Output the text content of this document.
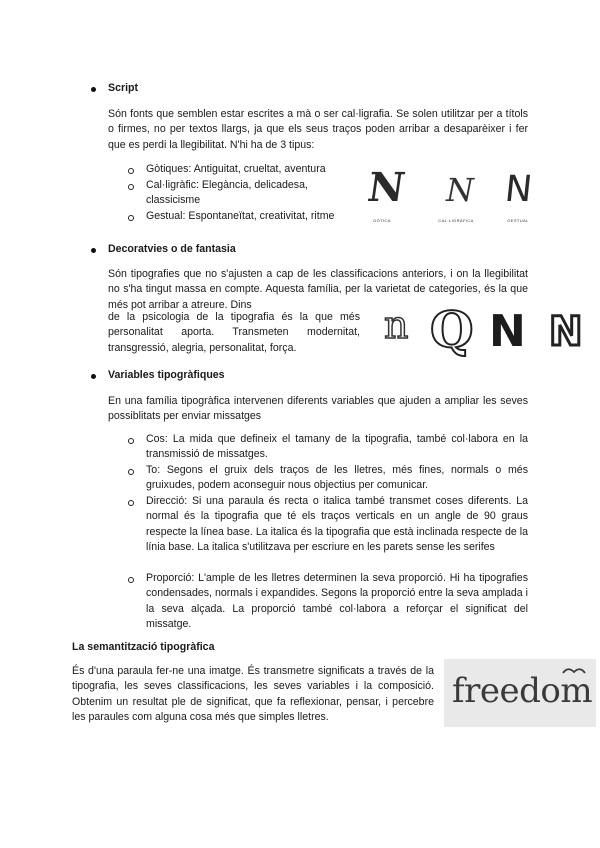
Script
Són fonts que semblen estar escrites a mà o ser cal·ligrafia. Se solen utilitzar per a títols o firmes, no per textos llargs, ja que els seus traços poden arribar a desaparèixer i fer que es perdi la llegibilitat. N'hi ha de 3 tipus:
Gòtiques: Antiguitat, crueltat, aventura
Cal·ligràfic: Elegància, delicadesa, classicisme
Gestual: Espontaneïtat, creativitat, ritme
N N N
GÒTICA	CAL·LIGRÀFICA	GESTUAL
Decoratvies o de fantasia
Són tipografies que no s'ajusten a cap de les classificacions anteriors, i on la llegibilitat no s'ha tingut massa en compte. Aquesta família, per la varietat de categories, és la que més pot arribar a atreure. Dins
de la psicologia de la tipografia és la que més personalitat aporta. Transmeten modernitat, transgressió, alegria, personalitat, força.
n Q N N
Variables tipogràfiques
En una família tipogràfica intervenen diferents variables que ajuden a ampliar les seves possiblitats per enviar missatges
Cos: La mida que defineix el tamany de la tipografia, també col·labora en la transmissió de missatges.
To: Segons el gruix dels traços de les lletres, més fines, normals o més gruixudes, podem aconseguir nous objectius per comunicar.
Direcció: Si una paraula és recta o italica també transmet coses diferents. La normal és la tipografia que té els traços verticals en un angle de 90 graus respecte la línea base. La italica és la tipografia que està inclinada respecte de la línia base. La italica s'utilitzava per escriure en les parets sense les serifes
Proporció: L'ample de les lletres determinen la seva proporció. Hi ha tipografies condensades, normals i expandides. Segons la proporció entre la seva amplada i la seva alçada. La proporció també col·labora a reforçar el significat del missatge.
La semantització tipogràfica
És d'una paraula fer-ne una imatge. És transmetre significats a través de la tipografia, les seves classificacions, les seves variables i la composició. Obtenim un resultat ple de significat, que fa reflexionar, pensar, i percebre les paraules com alguna cosa més que simples lletres.
freedom
